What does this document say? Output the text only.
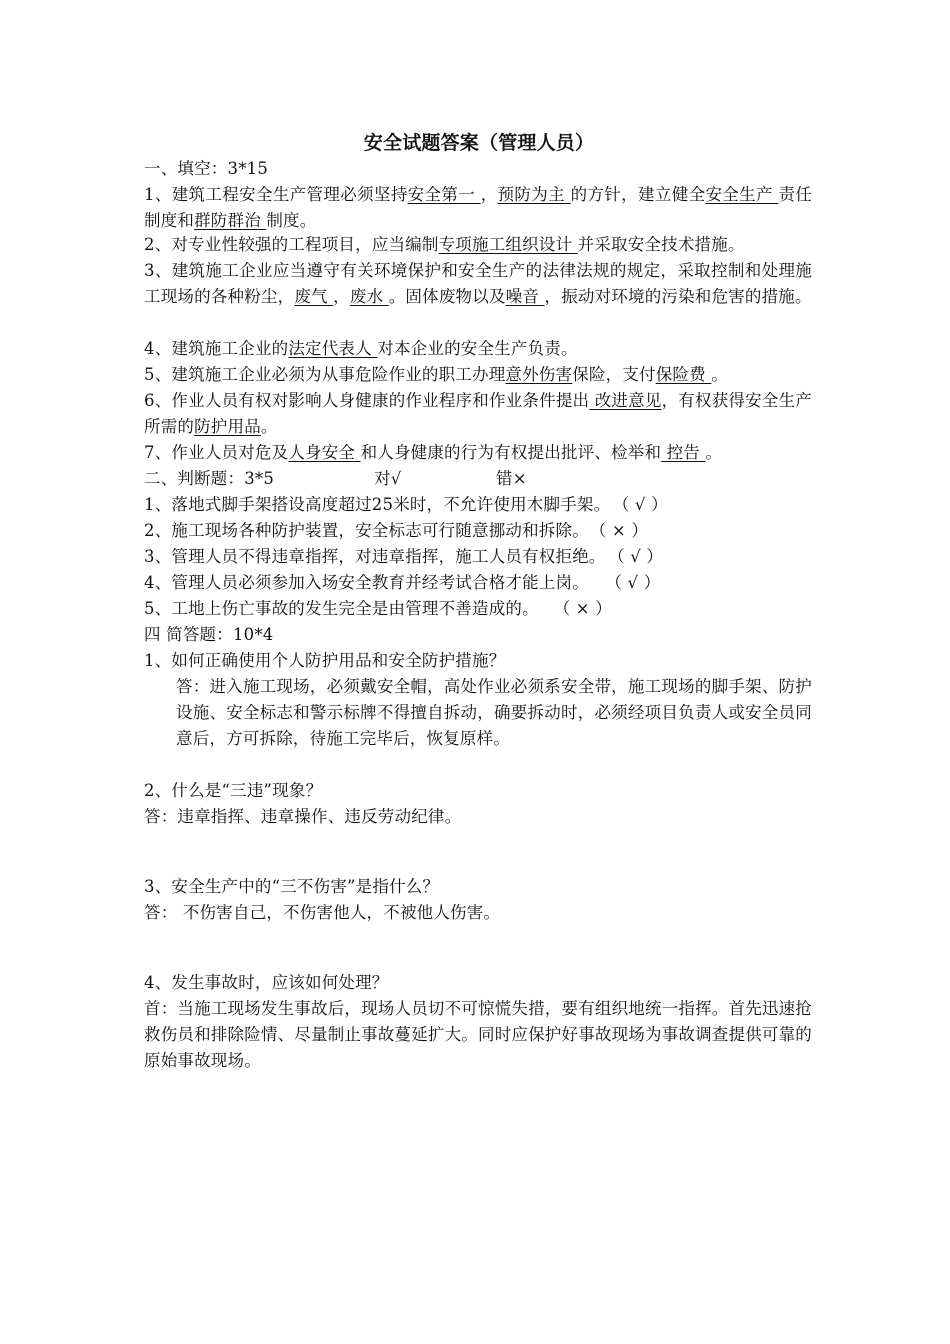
安全试题答案（管理人员）
一、填空：3*15
1、建筑工程安全生产管理必须坚持安全第一 ，预防为主 的方针，建立健全安全生产 责任制度和群防群治 制度。
2、对专业性较强的工程项目，应当编制专项施工组织设计 并采取安全技术措施。
3、建筑施工企业应当遵守有关环境保护和安全生产的法律法规的规定，采取控制和处理施工现场的各种粉尘，废气 ，废水 。固体废物以及噪音 ，振动对环境的污染和危害的措施。
4、建筑施工企业的法定代表人 对本企业的安全生产负责。
5、建筑施工企业必须为从事危险作业的职工办理意外伤害保险，支付保险费 。
6、作业人员有权对影响人身健康的作业程序和作业条件提出 改进意见，有权获得安全生产所需的防护用品。
7、作业人员对危及人身安全 和人身健康的行为有权提出批评、检举和 控告 。
二、判断题：3*5	对√	错×
1、落地式脚手架搭设高度超过25米时，不允许使用木脚手架。 （ √ ）
2、施工现场各种防护装置，安全标志可行随意挪动和拆除。（ × ）
3、管理人员不得违章指挥，对违章指挥，施工人员有权拒绝。 （ √ ）
4、管理人员必须参加入场安全教育并经考试合格才能上岗。 （ √ ）
5、工地上伤亡事故的发生完全是由管理不善造成的。 （ × ）
四 简答题：10*4
1、如何正确使用个人防护用品和安全防护措施？
答：进入施工现场，必须戴安全帽，高处作业必须系安全带，施工现场的脚手架、防护设施、安全标志和警示标牌不得擅自拆动，确要拆动时，必须经项目负责人或安全员同意后，方可拆除，待施工完毕后，恢复原样。
2、什么是“三违”现象？
答：违章指挥、违章操作、违反劳动纪律。
3、安全生产中的“三不伤害”是指什么？
答： 不伤害自己，不伤害他人，不被他人伤害。
4、发生事故时，应该如何处理？
首：当施工现场发生事故后，现场人员切不可惊慌失措，要有组织地统一指挥。首先迅速抢救伤员和排除险情、尽量制止事故蔓延扩大。同时应保护好事故现场为事故调查提供可靠的原始事故现场。
